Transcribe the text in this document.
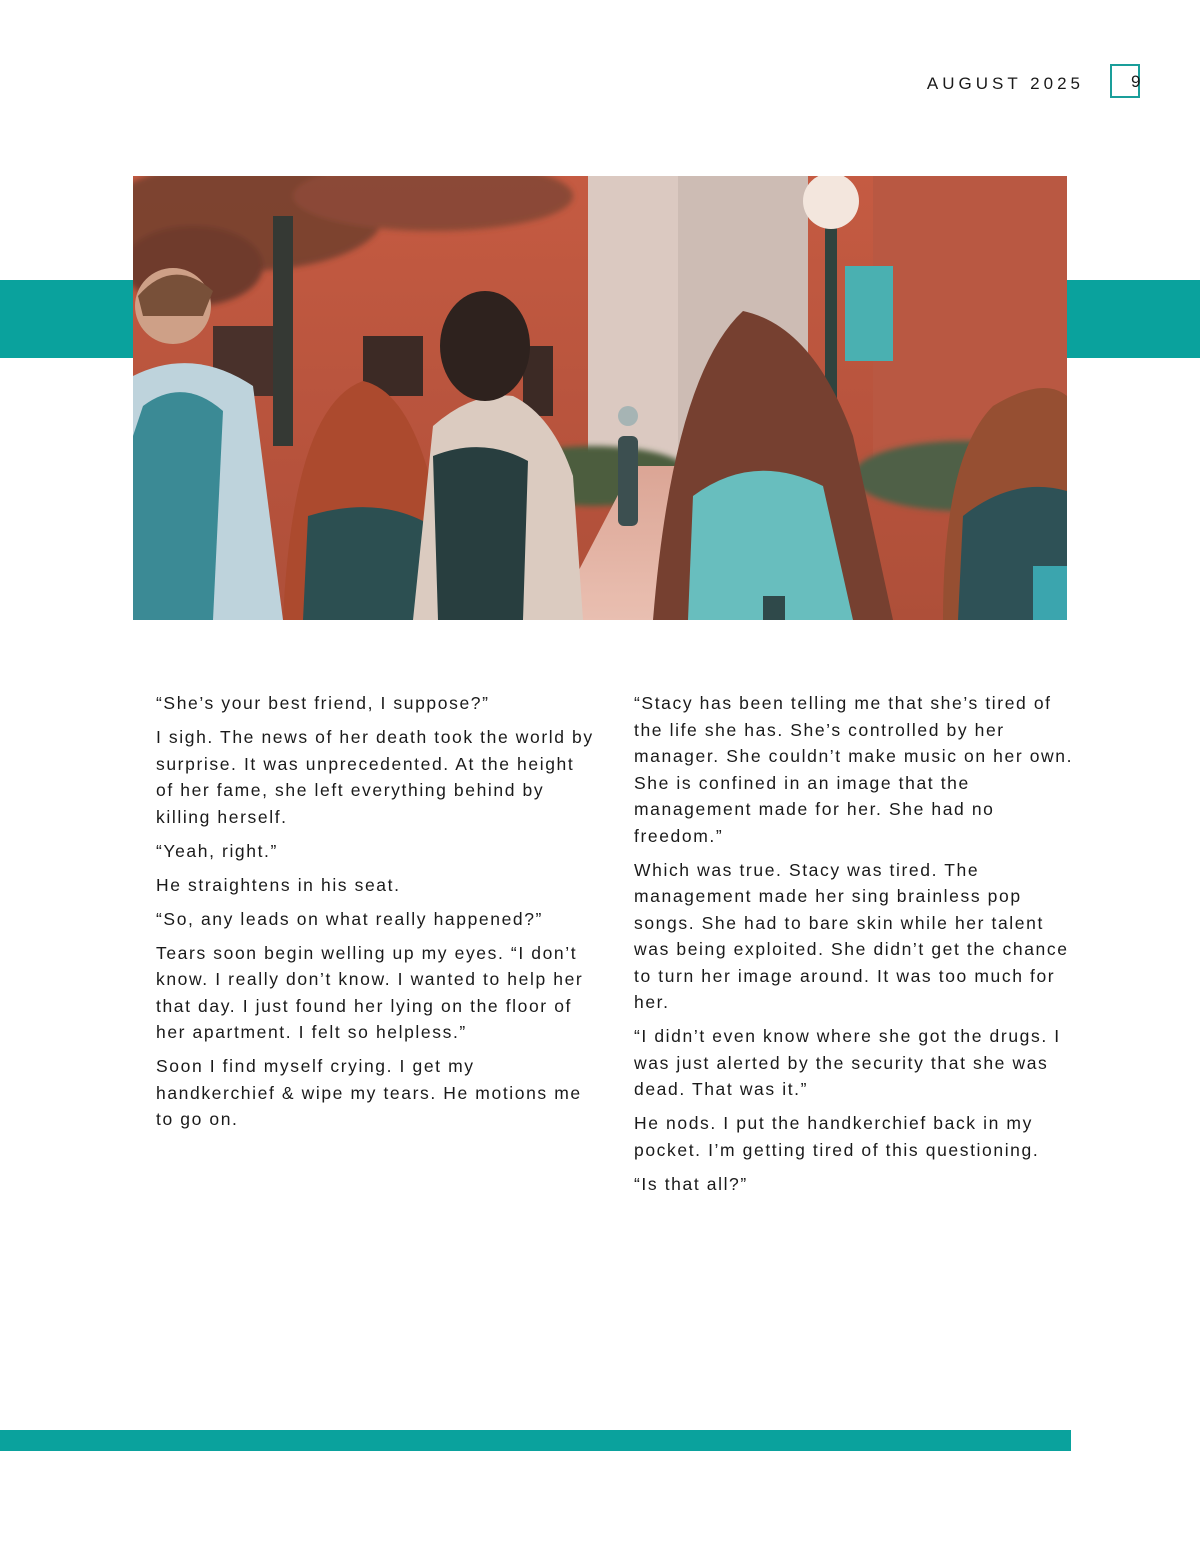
AUGUST 2025	9

“She’s your best friend, I suppose?”

I sigh. The news of her death took the world by surprise. It was unprecedented. At the height of her fame, she left everything behind by killing herself.

“Yeah, right.”

He straightens in his seat.

“So, any leads on what really happened?”

Tears soon begin welling up my eyes. “I don’t know. I really don’t know. I wanted to help her that day. I just found her lying on the floor of her apartment. I felt so helpless.”

Soon I find myself crying. I get my handkerchief & wipe my tears. He motions me to go on.

“Stacy has been telling me that she’s tired of the life she has. She’s controlled by her manager. She couldn’t make music on her own. She is confined in an image that the management made for her. She had no freedom.”

Which was true. Stacy was tired. The management made her sing brainless pop songs. She had to bare skin while her talent was being exploited. She didn’t get the chance to turn her image around. It was too much for her.

“I didn’t even know where she got the drugs. I was just alerted by the security that she was dead. That was it.”

He nods. I put the handkerchief back in my pocket. I’m getting tired of this questioning.

“Is that all?”
